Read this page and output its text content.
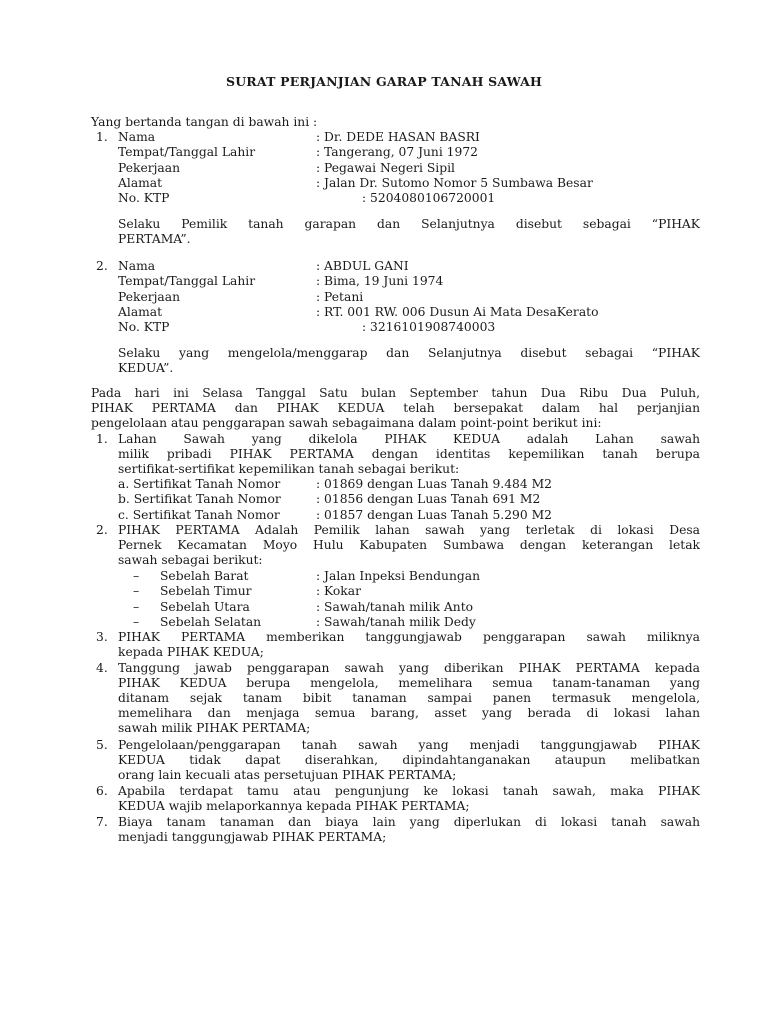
SURAT PERJANJIAN GARAP TANAH SAWAH
Yang bertanda tangan di bawah ini :
1. Nama	: Dr. DEDE HASAN BASRI
Tempat/Tanggal Lahir	: Tangerang, 07 Juni 1972
Pekerjaan	: Pegawai Negeri Sipil
Alamat	: Jalan Dr. Sutomo Nomor 5 Sumbawa Besar
No. KTP	: 5204080106720001
Selaku Pemilik tanah garapan dan Selanjutnya disebut sebagai “PIHAK
PERTAMA”.
2. Nama	: ABDUL GANI
Tempat/Tanggal Lahir	: Bima, 19 Juni 1974
Pekerjaan	: Petani
Alamat	: RT. 001 RW. 006 Dusun Ai Mata DesaKerato
No. KTP	: 3216101908740003
Selaku yang mengelola/menggarap dan Selanjutnya disebut sebagai “PIHAK
KEDUA”.
Pada hari ini Selasa Tanggal Satu bulan September tahun Dua Ribu Dua Puluh,
PIHAK PERTAMA dan PIHAK KEDUA telah bersepakat dalam hal perjanjian
pengelolaan atau penggarapan sawah sebagaimana dalam point-point berikut ini:
1. Lahan Sawah yang dikelola PIHAK KEDUA adalah Lahan sawah
milik pribadi PIHAK PERTAMA dengan identitas kepemilikan tanah berupa
sertifikat-sertifikat kepemilikan tanah sebagai berikut:
a. Sertifikat Tanah Nomor	: 01869 dengan Luas Tanah 9.484 M2
b. Sertifikat Tanah Nomor	: 01856 dengan Luas Tanah 691 M2
c. Sertifikat Tanah Nomor	: 01857 dengan Luas Tanah 5.290 M2
2. PIHAK PERTAMA Adalah Pemilik lahan sawah yang terletak di lokasi Desa
Pernek Kecamatan Moyo Hulu Kabupaten Sumbawa dengan keterangan letak
sawah sebagai berikut:
– Sebelah Barat	: Jalan Inpeksi Bendungan
– Sebelah Timur	: Kokar
– Sebelah Utara	: Sawah/tanah milik Anto
– Sebelah Selatan	: Sawah/tanah milik Dedy
3. PIHAK PERTAMA memberikan tanggungjawab penggarapan sawah miliknya
kepada PIHAK KEDUA;
4. Tanggung jawab penggarapan sawah yang diberikan PIHAK PERTAMA kepada
PIHAK KEDUA berupa mengelola, memelihara semua tanam-tanaman yang
ditanam sejak tanam bibit tanaman sampai panen termasuk mengelola,
memelihara dan menjaga semua barang, asset yang berada di lokasi lahan
sawah milik PIHAK PERTAMA;
5. Pengelolaan/penggarapan tanah sawah yang menjadi tanggungjawab PIHAK
KEDUA tidak dapat diserahkan, dipindahtanganakan ataupun melibatkan
orang lain kecuali atas persetujuan PIHAK PERTAMA;
6. Apabila terdapat tamu atau pengunjung ke lokasi tanah sawah, maka PIHAK
KEDUA wajib melaporkannya kepada PIHAK PERTAMA;
7. Biaya tanam tanaman dan biaya lain yang diperlukan di lokasi tanah sawah
menjadi tanggungjawab PIHAK PERTAMA;
